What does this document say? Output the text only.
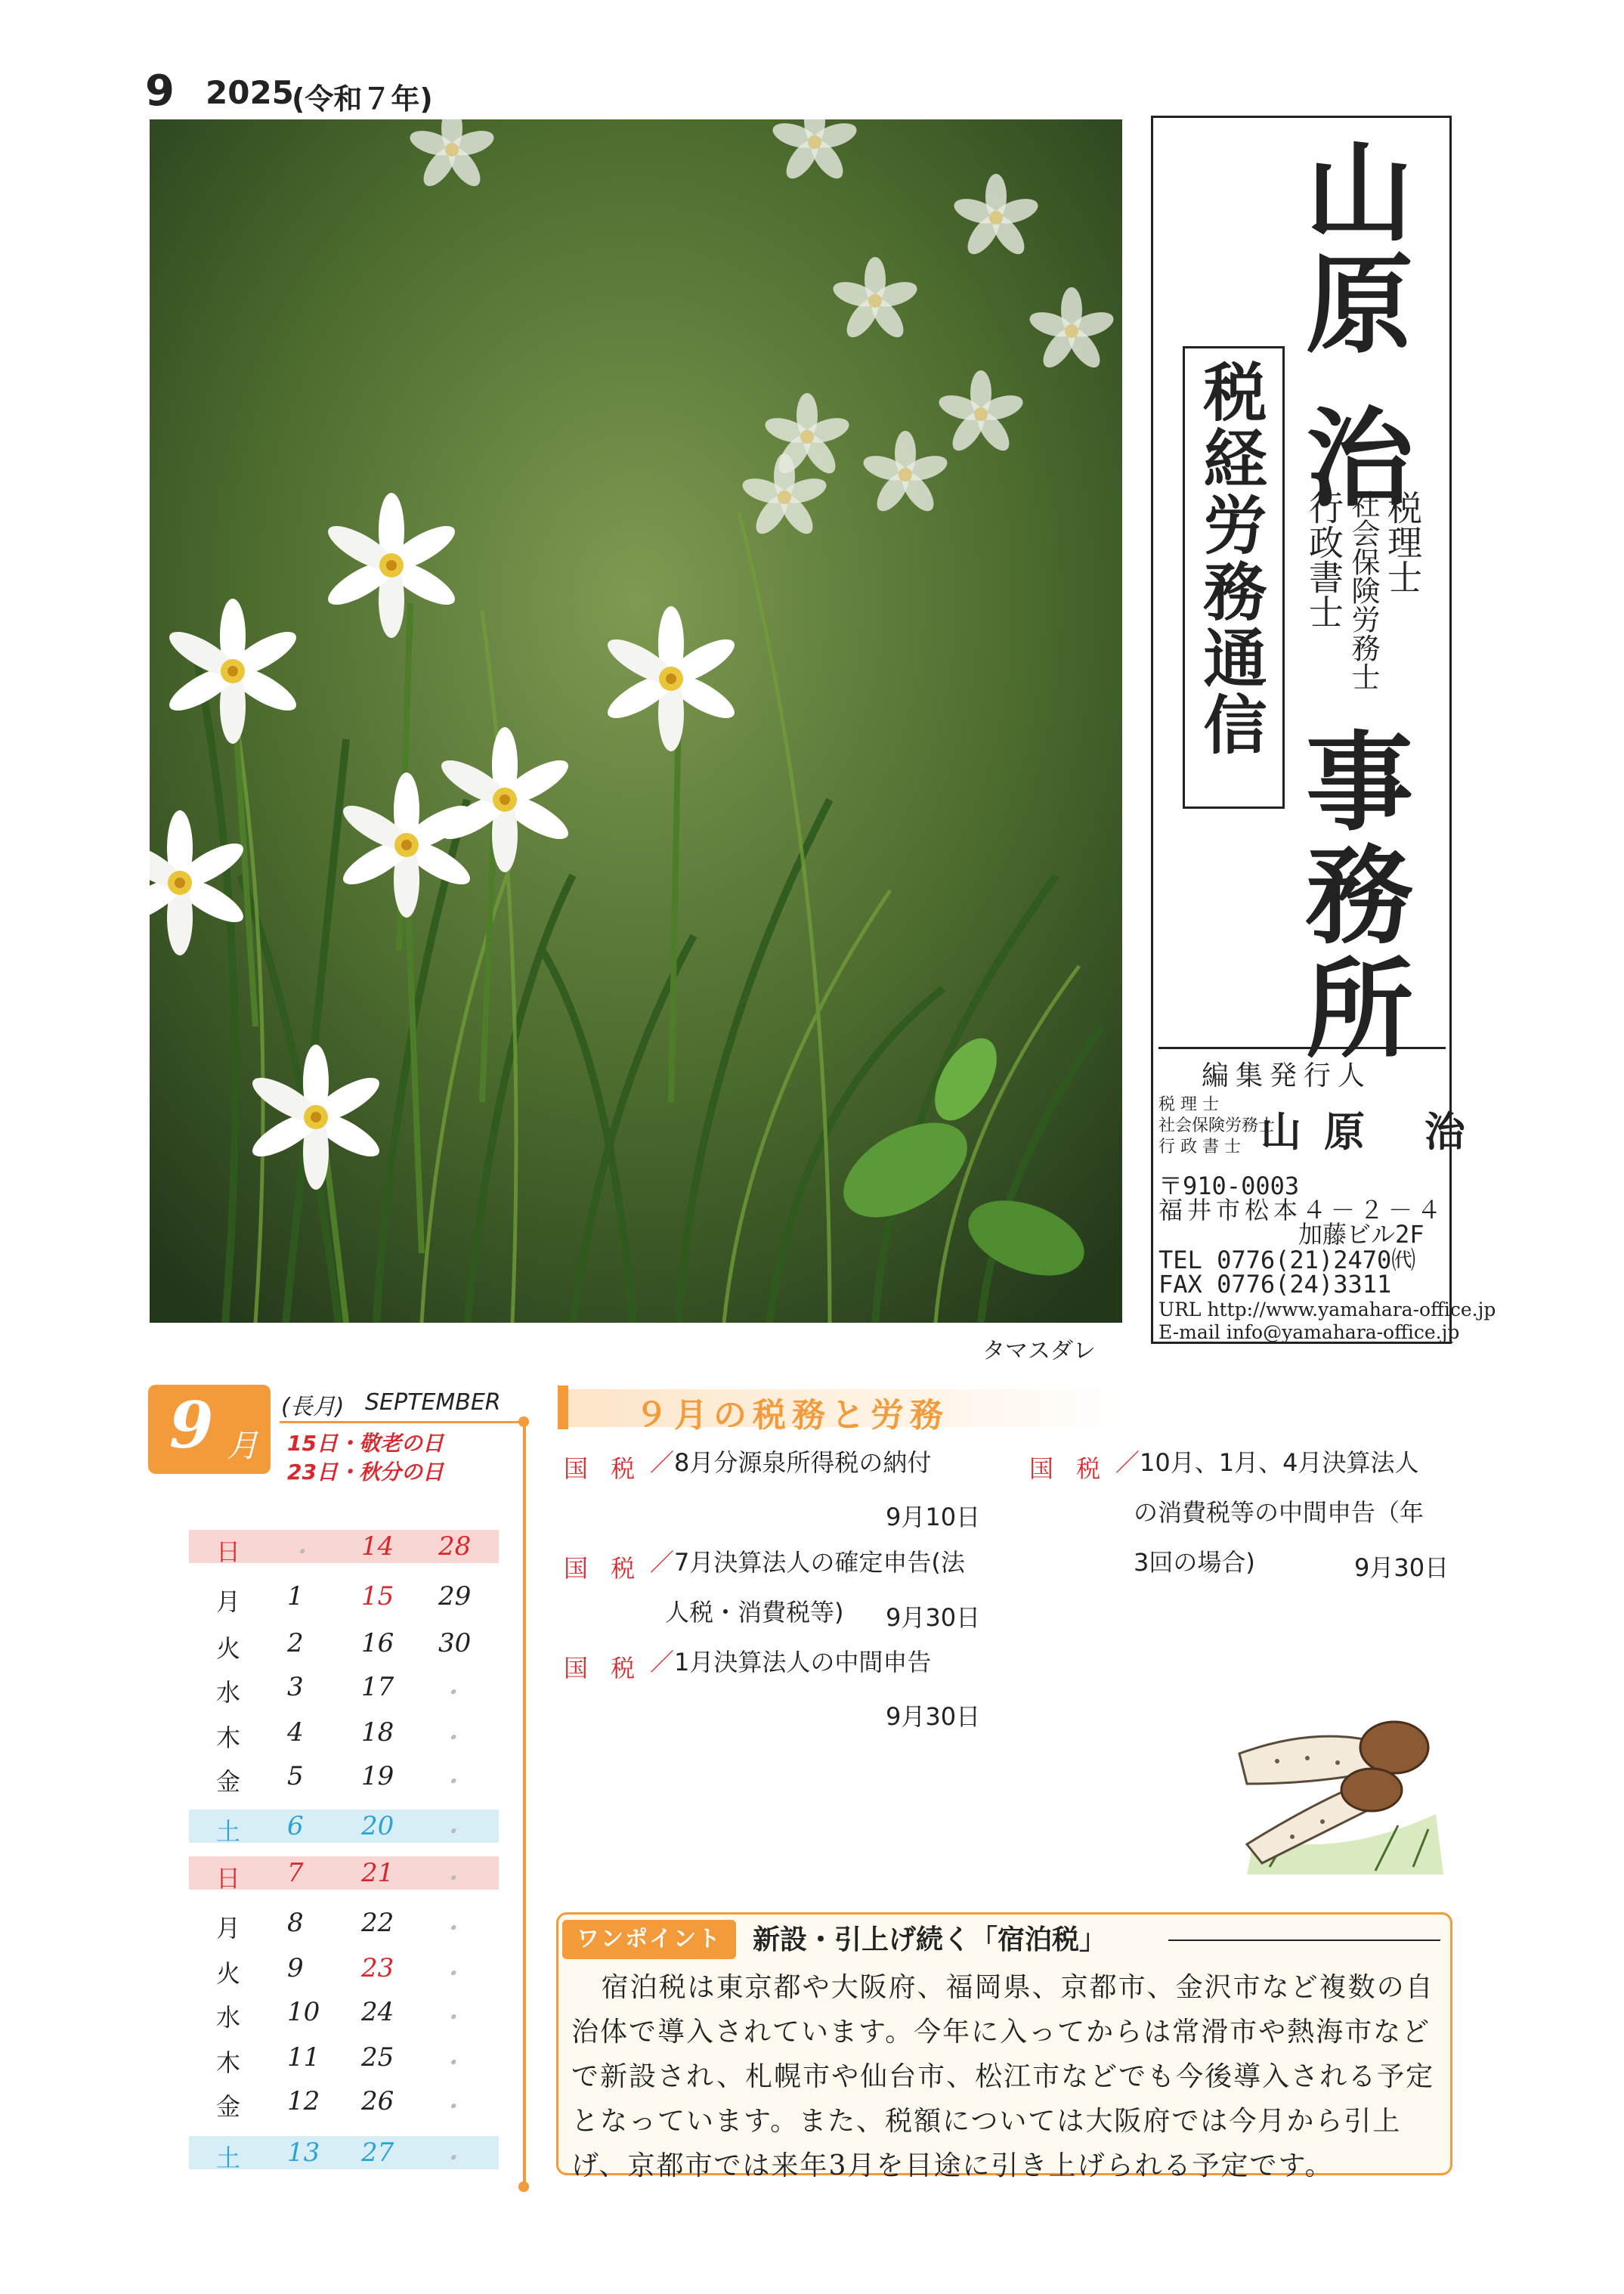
9 2025
(令和７年)
タマスダレ
山原 治
税理士
社会保険労務士
行政書士
事務所
税経労務通信
編集発行人
税 理 士
社会保険労務士
行 政 書 士 山原 治
〒910-0003
福井市松本４－２－４
加藤ビル2F
TEL 0776(21)2470㈹
FAX 0776(24)3311
URL http://www.yamahara-office.jp
E-mail info@yamahara-office.jp
9 月
(長月) SEPTEMBER
15日・敬老の日
23日・秋分の日
日 ・ 14 28
月 1 15 29
火 2 16 30
水 3 17 ・
木 4 18 ・
金 5 19 ・
土 6 20 ・
日 7 21 ・
月 8 22 ・
火 9 23 ・
水 10 24 ・
木 11 25 ・
金 12 26 ・
土 13 27 ・
９月の税務と労務
国 税 ／8月分源泉所得税の納付
9月10日
国 税 ／7月決算法人の確定申告(法
人税・消費税等) 9月30日
国 税 ／1月決算法人の中間申告
9月30日
国 税 ／10月、1月、4月決算法人
の消費税等の中間申告（年
3回の場合)	9月30日
ワンポイント	新設・引上げ続く「宿泊税」
宿泊税は東京都や大阪府、福岡県、京都市、金沢市など複数の自治体で導入されています。今年に入ってからは常滑市や熱海市などで新設され、札幌市や仙台市、松江市などでも今後導入される予定となっています。また、税額については大阪府では今月から引上げ、京都市では来年3月を目途に引き上げられる予定です。
